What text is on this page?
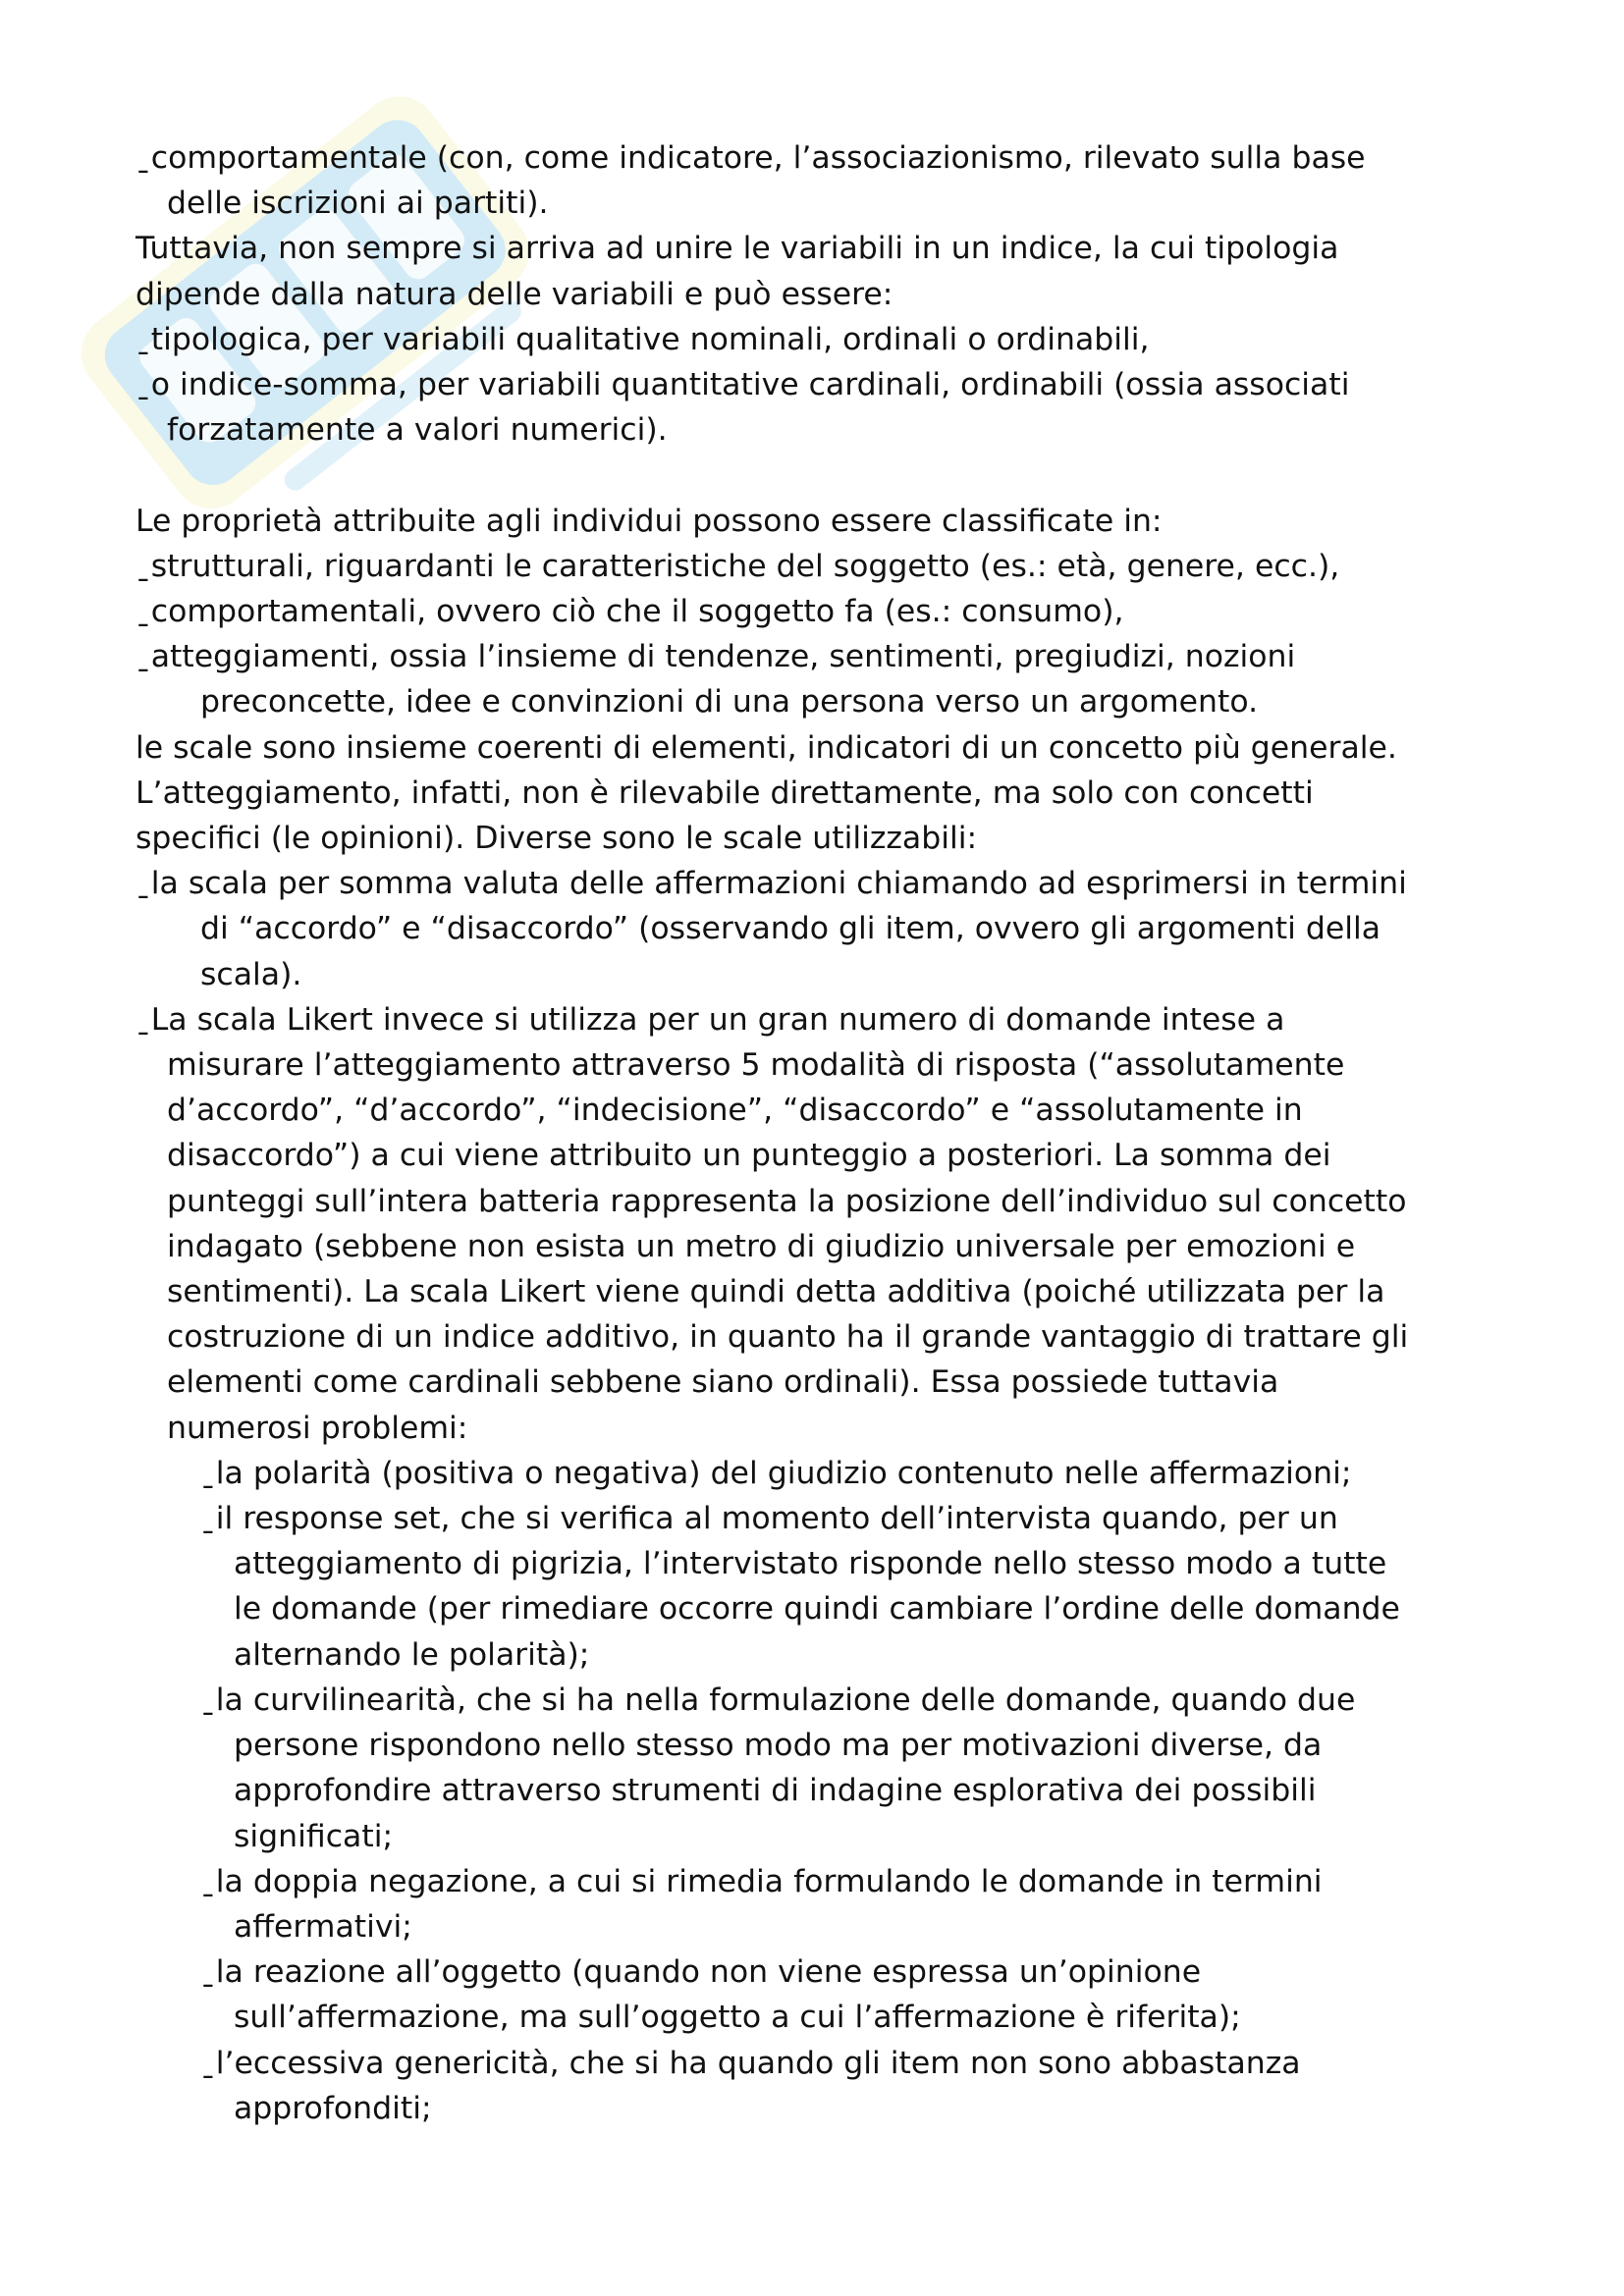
ˍcomportamentale (con, come indicatore, l’associazionismo, rilevato sulla base
delle iscrizioni ai partiti).
Tuttavia, non sempre si arriva ad unire le variabili in un indice, la cui tipologia
dipende dalla natura delle variabili e può essere:
ˍtipologica, per variabili qualitative nominali, ordinali o ordinabili,
ˍo indice-somma, per variabili quantitative cardinali, ordinabili (ossia associati
forzatamente a valori numerici).
Le proprietà attribuite agli individui possono essere classificate in:
ˍstrutturali, riguardanti le caratteristiche del soggetto (es.: età, genere, ecc.),
ˍcomportamentali, ovvero ciò che il soggetto fa (es.: consumo),
ˍatteggiamenti, ossia l’insieme di tendenze, sentimenti, pregiudizi, nozioni
preconcette, idee e convinzioni di una persona verso un argomento.
le scale sono insieme coerenti di elementi, indicatori di un concetto più generale.
L’atteggiamento, infatti, non è rilevabile direttamente, ma solo con concetti
specifici (le opinioni). Diverse sono le scale utilizzabili:
ˍla scala per somma valuta delle affermazioni chiamando ad esprimersi in termini
di “accordo” e “disaccordo” (osservando gli item, ovvero gli argomenti della
scala).
ˍLa scala Likert invece si utilizza per un gran numero di domande intese a
misurare l’atteggiamento attraverso 5 modalità di risposta (“assolutamente
d’accordo”, “d’accordo”, “indecisione”, “disaccordo” e “assolutamente in
disaccordo”) a cui viene attribuito un punteggio a posteriori. La somma dei
punteggi sull’intera batteria rappresenta la posizione dell’individuo sul concetto
indagato (sebbene non esista un metro di giudizio universale per emozioni e
sentimenti). La scala Likert viene quindi detta additiva (poiché utilizzata per la
costruzione di un indice additivo, in quanto ha il grande vantaggio di trattare gli
elementi come cardinali sebbene siano ordinali). Essa possiede tuttavia
numerosi problemi:
ˍla polarità (positiva o negativa) del giudizio contenuto nelle affermazioni;
ˍil response set, che si verifica al momento dell’intervista quando, per un
atteggiamento di pigrizia, l’intervistato risponde nello stesso modo a tutte
le domande (per rimediare occorre quindi cambiare l’ordine delle domande
alternando le polarità);
ˍla curvilinearità, che si ha nella formulazione delle domande, quando due
persone rispondono nello stesso modo ma per motivazioni diverse, da
approfondire attraverso strumenti di indagine esplorativa dei possibili
significati;
ˍla doppia negazione, a cui si rimedia formulando le domande in termini
affermativi;
ˍla reazione all’oggetto (quando non viene espressa un’opinione
sull’affermazione, ma sull’oggetto a cui l’affermazione è riferita);
ˍl’eccessiva genericità, che si ha quando gli item non sono abbastanza
approfonditi;
